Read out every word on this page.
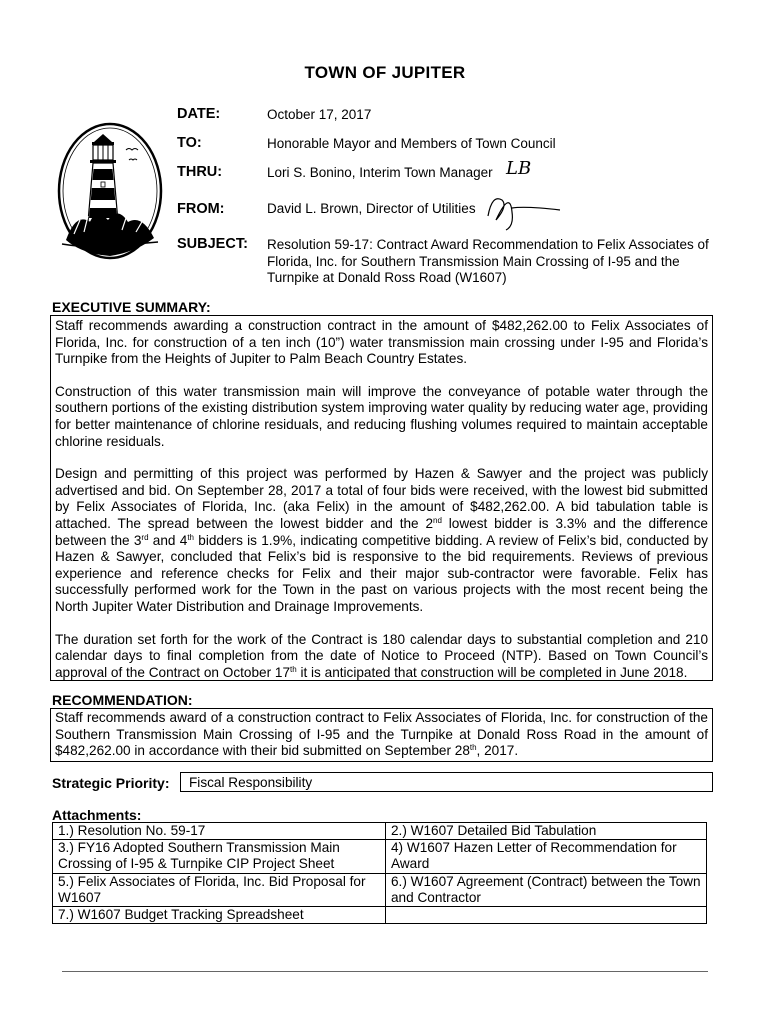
TOWN OF JUPITER
DATE:	October 17, 2017
TO:	Honorable Mayor and Members of Town Council
THRU:	Lori S. Bonino, Interim Town Manager LB
FROM:	David L. Brown, Director of Utilities
SUBJECT: Resolution 59-17: Contract Award Recommendation to Felix Associates of Florida, Inc. for Southern Transmission Main Crossing of I-95 and the Turnpike at Donald Ross Road (W1607)
EXECUTIVE SUMMARY:

Staff recommends awarding a construction contract in the amount of $482,262.00 to Felix Associates of Florida, Inc. for construction of a ten inch (10”) water transmission main crossing under I-95 and Florida’s Turnpike from the Heights of Jupiter to Palm Beach Country Estates.

Construction of this water transmission main will improve the conveyance of potable water through the southern portions of the existing distribution system improving water quality by reducing water age, providing for better maintenance of chlorine residuals, and reducing flushing volumes required to maintain acceptable chlorine residuals.

Design and permitting of this project was performed by Hazen & Sawyer and the project was publicly advertised and bid. On September 28, 2017 a total of four bids were received, with the lowest bid submitted by Felix Associates of Florida, Inc. (aka Felix) in the amount of $482,262.00. A bid tabulation table is attached. The spread between the lowest bidder and the 2nd lowest bidder is 3.3% and the difference between the 3rd and 4th bidders is 1.9%, indicating competitive bidding. A review of Felix’s bid, conducted by Hazen & Sawyer, concluded that Felix’s bid is responsive to the bid requirements. Reviews of previous experience and reference checks for Felix and their major sub-contractor were favorable. Felix has successfully performed work for the Town in the past on various projects with the most recent being the North Jupiter Water Distribution and Drainage Improvements.

The duration set forth for the work of the Contract is 180 calendar days to substantial completion and 210 calendar days to final completion from the date of Notice to Proceed (NTP). Based on Town Council’s approval of the Contract on October 17th it is anticipated that construction will be completed in June 2018.

RECOMMENDATION:

Staff recommends award of a construction contract to Felix Associates of Florida, Inc. for construction of the Southern Transmission Main Crossing of I-95 and the Turnpike at Donald Ross Road in the amount of $482,262.00 in accordance with their bid submitted on September 28th, 2017.

Strategic Priority:	Fiscal Responsibility
Attachments:
1.) Resolution No. 59-17	2.) W1607 Detailed Bid Tabulation
3.) FY16 Adopted Southern Transmission Main Crossing of I-95 & Turnpike CIP Project Sheet	4) W1607 Hazen Letter of Recommendation for Award
5.) Felix Associates of Florida, Inc. Bid Proposal for W1607	6.) W1607 Agreement (Contract) between the Town and Contractor
7.) W1607 Budget Tracking Spreadsheet	
